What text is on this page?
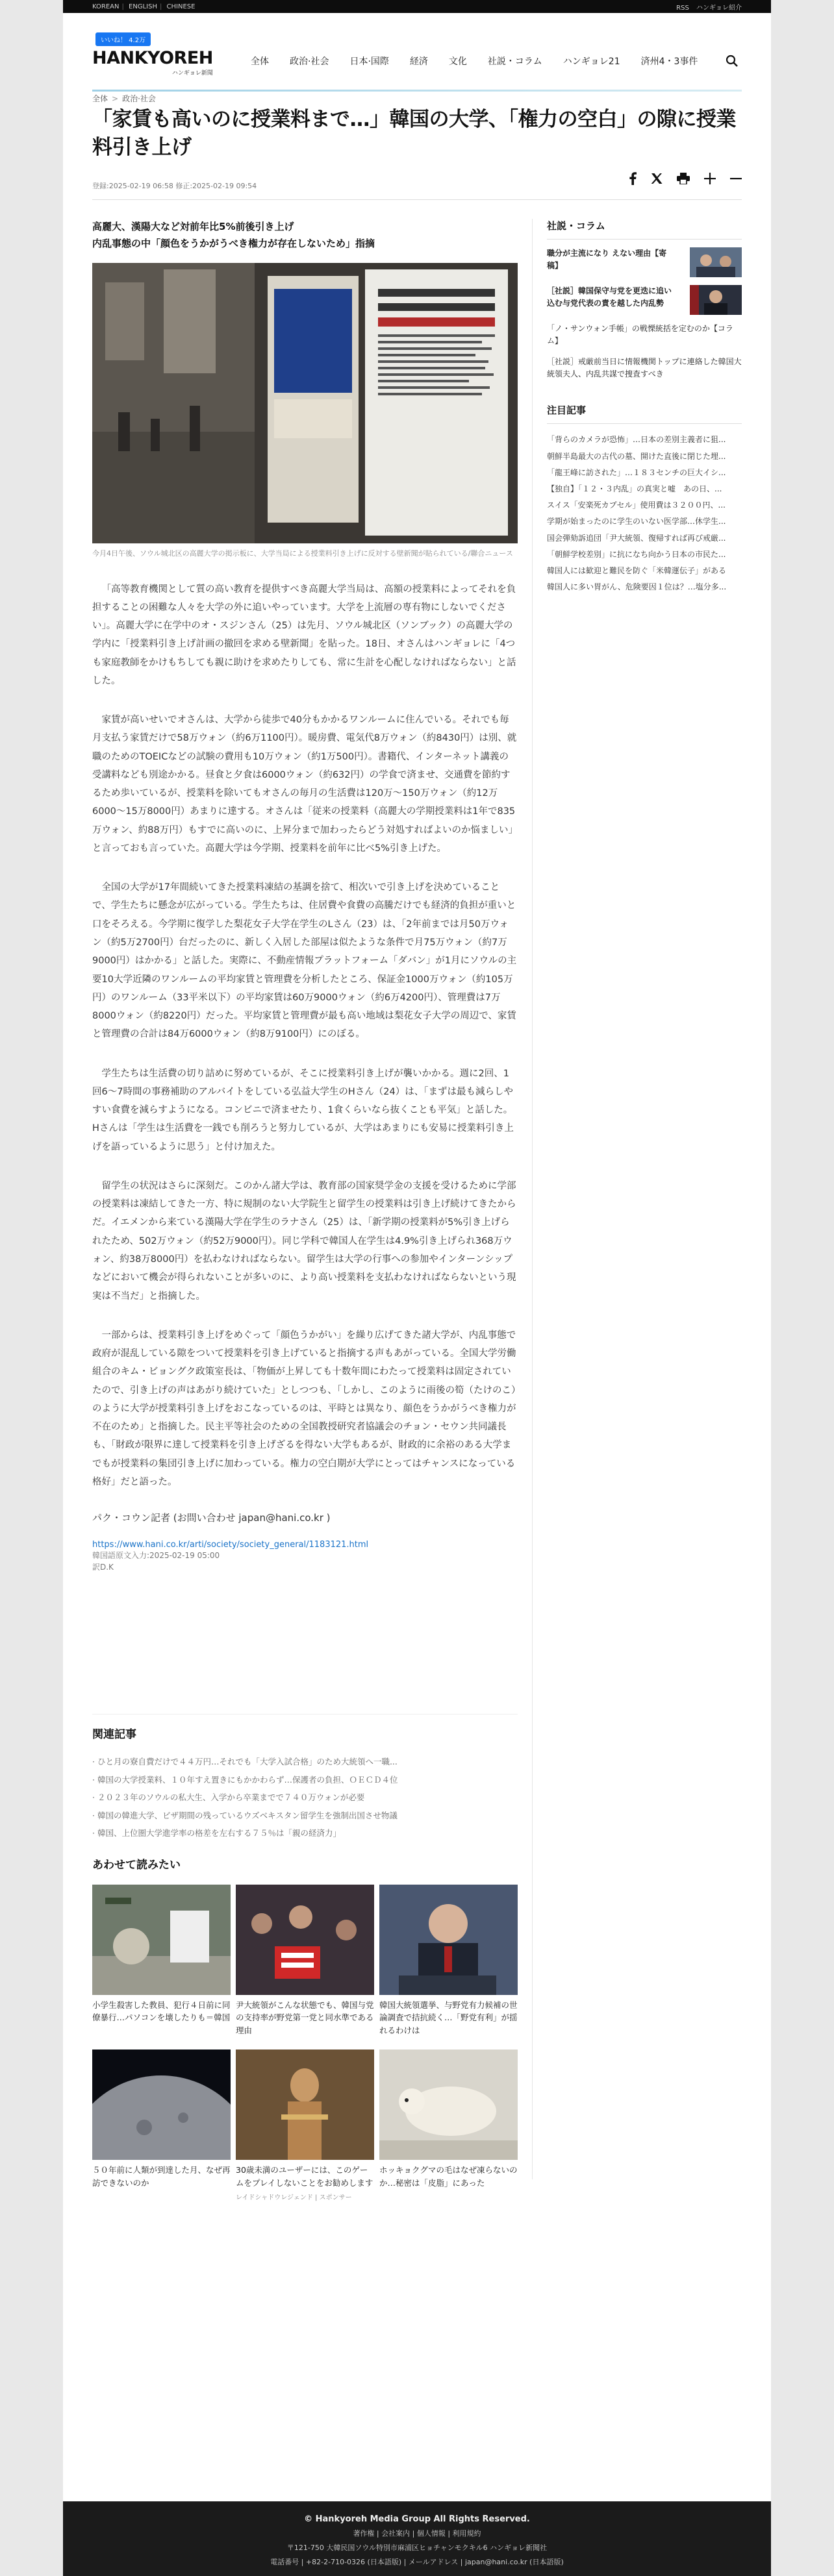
KOREAN | ENGLISH | CHINESE	RSS ハンギョレ紹介
いいね！ 4.2万
HANKYOREH
ハンギョレ新聞
全体 政治·社会 日本·国際 経済 文化 社説・コラム ハンギョレ21 済州4・3事件
全体 > 政治·社会
「家賃も高いのに授業料まで…」韓国の大学、「権力の空白」の隙に授業料引き上げ
登録:2025-02-19 06:58 修正:2025-02-19 09:54
高麗大、漢陽大など対前年比5%前後引き上げ
内乱事態の中「顔色をうかがうべき権力が存在しないため」指摘
今月4日午後、ソウル城北区の高麗大学の掲示板に、大学当局による授業料引き上げに反対する壁新聞が貼られている/聯合ニュース

「高等教育機関として質の高い教育を提供すべき高麗大学当局は、高額の授業料によってそれを負担することの困難な人々を大学の外に追いやっています。大学を上流層の専有物にしないでください」。高麗大学に在学中のオ・スジンさん（25）は先月、ソウル城北区（ソンブック）の高麗大学の学内に「授業料引き上げ計画の撤回を求める壁新聞」を貼った。18日、オさんはハンギョレに「4つも家庭教師をかけもちしても親に助けを求めたりしても、常に生計を心配しなければならない」と話した。

家賃が高いせいでオさんは、大学から徒歩で40分もかかるワンルームに住んでいる。それでも毎月支払う家賃だけで58万ウォン（約6万1100円）。暖房費、電気代8万ウォン（約8430円）は別、就職のためのTOEICなどの試験の費用も10万ウォン（約1万500円）。書籍代、インターネット講義の受講料なども別途かかる。昼食と夕食は6000ウォン（約632円）の学食で済ませ、交通費を節約するため歩いているが、授業料を除いてもオさんの毎月の生活費は120万〜150万ウォン（約12万6000〜15万8000円）あまりに達する。オさんは「従来の授業料（高麗大の学期授業料は1年で835万ウォン、約88万円）もすでに高いのに、上昇分まで加わったらどう対処すればよいのか悩ましい」と言っておも言っていた。高麗大学は今学期、授業料を前年に比べ5%引き上げた。

全国の大学が17年間続いてきた授業料凍結の基調を捨て、相次いで引き上げを決めていることで、学生たちに懸念が広がっている。学生たちは、住居費や食費の高騰だけでも経済的負担が重いと口をそろえる。今学期に復学した梨花女子大学在学生のLさん（23）は、「2年前までは月50万ウォン（約5万2700円）台だったのに、新しく入居した部屋は似たような条件で月75万ウォン（約7万9000円）はかかる」と話した。実際に、不動産情報プラットフォーム「ダバン」が1月にソウルの主要10大学近隣のワンルームの平均家賃と管理費を分析したところ、保証金1000万ウォン（約105万円）のワンルーム（33平米以下）の平均家賃は60万9000ウォン（約6万4200円）、管理費は7万8000ウォン（約8220円）だった。平均家賃と管理費が最も高い地域は梨花女子大学の周辺で、家賃と管理費の合計は84万6000ウォン（約8万9100円）にのぼる。

学生たちは生活費の切り詰めに努めているが、そこに授業料引き上げが襲いかかる。週に2回、1回6〜7時間の事務補助のアルバイトをしている弘益大学生のHさん（24）は、「まずは最も減らしやすい食費を減らすようになる。コンビニで済ませたり、1食くらいなら抜くことも平気」と話した。Hさんは「学生は生活費を一銭でも削ろうと努力しているが、大学はあまりにも安易に授業料引き上げを語っているように思う」と付け加えた。

留学生の状況はさらに深刻だ。このかん諸大学は、教育部の国家奨学金の支援を受けるために学部の授業料は凍結してきた一方、特に規制のない大学院生と留学生の授業料は引き上げ続けてきたからだ。イエメンから来ている漢陽大学在学生のラナさん（25）は、「新学期の授業料が5%引き上げられたため、502万ウォン（約52万9000円）。同じ学科で韓国人在学生は4.9%引き上げられ368万ウォン、約38万8000円）を払わなければならない。留学生は大学の行事への参加やインターンシップなどにおいて機会が得られないことが多いのに、より高い授業料を支払わなければならないという現実は不当だ」と指摘した。

一部からは、授業料引き上げをめぐって「顔色うかがい」を繰り広げてきた諸大学が、内乱事態で政府が混乱している隙をついて授業料を引き上げていると指摘する声もあがっている。全国大学労働組合のキム・ビョングク政策室長は、「物価が上昇しても十数年間にわたって授業料は固定されていたので、引き上げの声はあがり続けていた」としつつも、「しかし、このように雨後の筍（たけのこ）のように大学が授業料引き上げをおこなっているのは、平時とは異なり、顔色をうかがうべき権力が不在のため」と指摘した。民主平等社会のための全国教授研究者協議会のチョン・セウン共同議長も、「財政が限界に達して授業料を引き上げざるを得ない大学もあるが、財政的に余裕のある大学までもが授業料の集団引き上げに加わっている。権力の空白期が大学にとってはチャンスになっている格好」だと語った。

パク・コウン記者 (お問い合わせ japan@hani.co.kr )
https://www.hani.co.kr/arti/society/society_general/1183121.html
韓国語原文入力:2025-02-19 05:00
訳D.K
関連記事
· ひと月の寮自費だけで４４万円…それでも「大学入試合格」のため大統領へ一職...
· 韓国の大学授業料、１０年すえ置きにもかかわらず…保護者の負担、ＯＥＣＤ４位
· ２０２３年のソウルの私大生、入学から卒業までで７４０万ウォンが必要
· 韓国の韓進大学、ビザ期間の残っているウズベキスタン留学生を強制出国させ物議
· 韓国、上位圏大学進学率の格差を左右する７５％は「親の経済力」
あわせて読みたい
小学生殺害した教員、犯行４日前に同僚暴行…パソコンを壊したりも＝韓国
尹大統領がこんな状態でも、韓国与党の支持率が野党第一党と同水準である理由
韓国大統領選挙、与野党有力候補の世論調査で拮抗続く…「野党有利」が揺れるわけは
５０年前に人類が到達した月、なぜ再訪できないのか
30歳未満のユーザーには、このゲームをプレイしないことをお勧めします
レイドシャドウレジェンド | スポンサー
ホッキョクグマの毛はなぜ凍らないのか…秘密は「皮脂」にあった
社説・コラム
職分が主流になり えない理由【寄稿】
［社説］韓国保守与党を更迭に追い込む与党代表の責を越した内乱勢
「ノ・サンウォン手帳」の戦慄統括を定むのか【コラム】
［社説］戒厳前当日に情報機関トップに連絡した韓国大統領夫人、内乱共謀で捜査すべき
注目記事
「背らのカメラが恐怖」…日本の差別主義者に狙...
朝鮮半島最大の古代の墓、開けた直後に閉じた埋...
「龍王峰に訪された」…１８３センチの巨大イシ...
【独自】「１２・３内乱」の真実と嘘　あの日、...
スイス「安楽死カプセル」使用費は３２００円、...
学期が始まったのに学生のいない医学部…休学生...
国会弾劾訴追団「尹大統領、復帰すれば再び戒厳...
「朝鮮学校差別」に抗になち向かう日本の市民た...
韓国人には歓迎と難民を防ぐ「米韓運伝子」がある
韓国人に多い胃がん、危険要因１位は？…塩分多...
© Hankyoreh Media Group All Rights Reserved.
著作権 | 会社案内 | 個人情報 | 利用規約
〒121-750 大韓民国ソウル特別市麻浦区ヒョチャンモクキル6 ハンギョレ新聞社
電話番号 | +82-2-710-0326 (日本語版) | メールアドレス | japan@hani.co.kr (日本語版)
